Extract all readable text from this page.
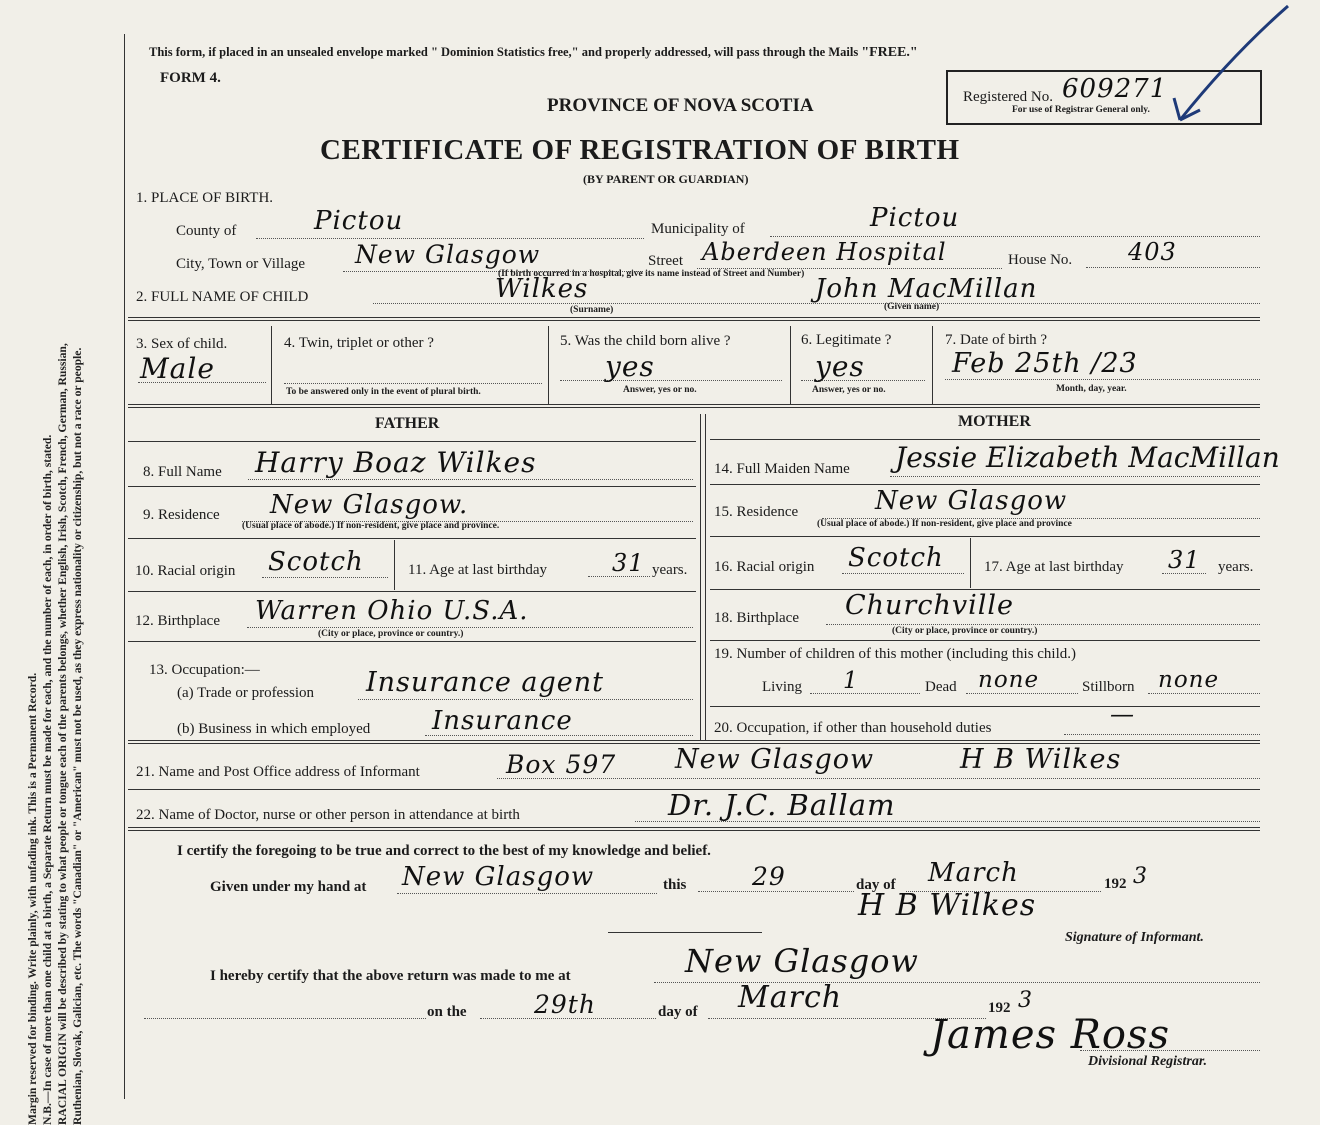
Margin reserved for binding. Write plainly, with unfading ink. This is a Permanent Record. N.B.—In case of more than one child at a birth, a Separate Return must be made for each, and the number of each, in order of birth, stated. RACIAL ORIGIN will be described by stating to what people or tongue each of the parents belongs, whether English, Irish, Scotch, French, German, Russian, Ruthenian, Slovak, Galician, etc. The words "Canadian" or "American" must not be used, as they express nationality or citizenship, but not a race or people.
This form, if placed in an unsealed envelope marked " Dominion Statistics free," and properly addressed, will pass through the Mails "FREE."
FORM 4.
PROVINCE OF NOVA SCOTIA
CERTIFICATE OF REGISTRATION OF BIRTH
(BY PARENT OR GUARDIAN)
Registered No. 609271
For use of Registrar General only.
1. PLACE OF BIRTH.
County of	Pictou	Municipality of	Pictou
City, Town or Village New Glasgow	Street Aberdeen Hospital	House No. 403
(If birth occurred in a hospital, give its name instead of Street and Number)
2. FULL NAME OF CHILD	Wilkes	John MacMillan
(Surname)	(Given name)
3. Sex of child.
Male
4. Twin, triplet or other ?
To be answered only in the event of plural birth.
5. Was the child born alive ?
yes
Answer, yes or no.
6. Legitimate ?
yes
Answer, yes or no.
7. Date of birth ?
Feb 25th /23
Month, day, year.
FATHER	MOTHER
8. Full Name Harry Boaz Wilkes
9. Residence New Glasgow.
(Usual place of abode.) If non-resident, give place and province.
10. Racial origin Scotch	11. Age at last birthday	31 years.
12. Birthplace Warren Ohio U.S.A.
(City or place, province or country.)
13. Occupation:—
(a) Trade or profession Insurance agent
(b) Business in which employed Insurance
14. Full Maiden Name Jessie Elizabeth MacMillan
15. Residence	New Glasgow
(Usual place of abode.) If non-resident, give place and province
16. Racial origin Scotch	17. Age at last birthday 31 years.
18. Birthplace Churchville
(City or place, province or country.)
19. Number of children of this mother (including this child.)
Living 1	Dead none	Stillborn none
20. Occupation, if other than household duties	—
21. Name and Post Office address of Informant	Box 597 New Glasgow	H B Wilkes
22. Name of Doctor, nurse or other person in attendance at birth	Dr. J.C. Ballam
I certify the foregoing to be true and correct to the best of my knowledge and belief.
Given under my hand at New Glasgow	this	29	day of March	192 3
H B Wilkes
Signature of Informant.
I hereby certify that the above return was made to me at	New Glasgow
on the	29th	day of March	192 3
James Ross
Divisional Registrar.
